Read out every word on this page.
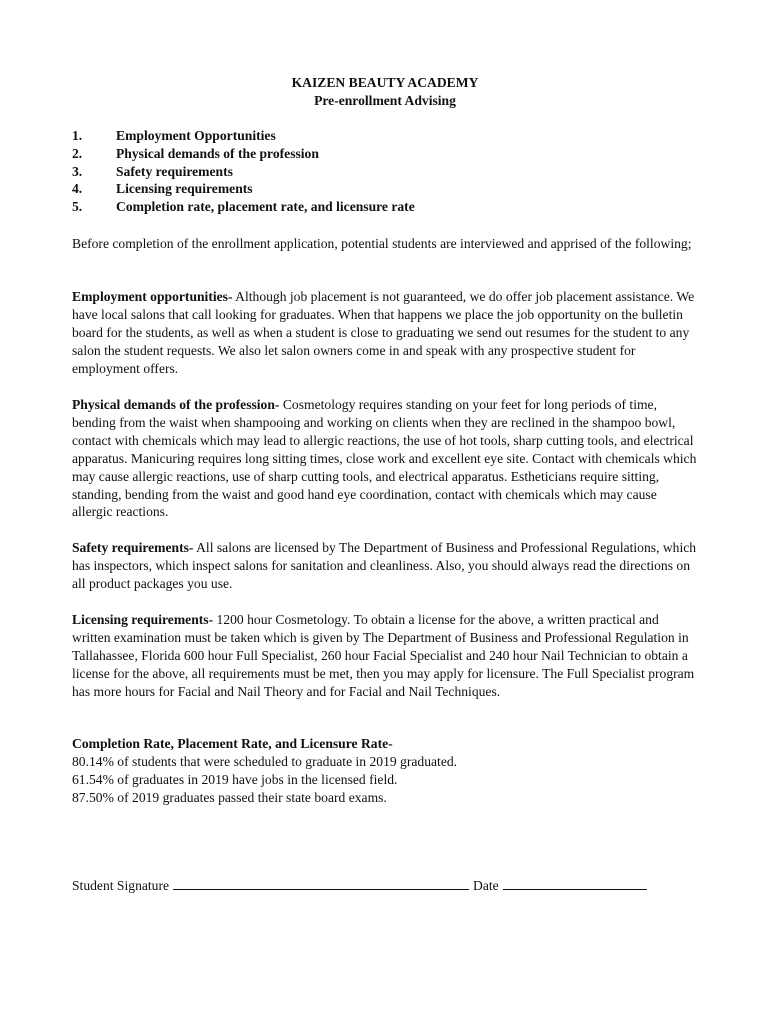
KAIZEN BEAUTY ACADEMY
Pre-enrollment Advising
1.	Employment Opportunities
2.	Physical demands of the profession
3.	Safety requirements
4.	Licensing requirements
5.	Completion rate, placement rate, and licensure rate

Before completion of the enrollment application, potential students are interviewed and apprised of the following;

Employment opportunities- Although job placement is not guaranteed, we do offer job placement assistance. We have local salons that call looking for graduates. When that happens we place the job opportunity on the bulletin board for the students, as well as when a student is close to graduating we send out resumes for the student to any salon the student requests. We also let salon owners come in and speak with any prospective student for employment offers.

Physical demands of the profession- Cosmetology requires standing on your feet for long periods of time, bending from the waist when shampooing and working on clients when they are reclined in the shampoo bowl, contact with chemicals which may lead to allergic reactions, the use of hot tools, sharp cutting tools, and electrical apparatus. Manicuring requires long sitting times, close work and excellent eye site. Contact with chemicals which may cause allergic reactions, use of sharp cutting tools, and electrical apparatus. Estheticians require sitting, standing, bending from the waist and good hand eye coordination, contact with chemicals which may cause allergic reactions.

Safety requirements- All salons are licensed by The Department of Business and Professional Regulations, which has inspectors, which inspect salons for sanitation and cleanliness. Also, you should always read the directions on all product packages you use.

Licensing requirements- 1200 hour Cosmetology. To obtain a license for the above, a written practical and written examination must be taken which is given by The Department of Business and Professional Regulation in Tallahassee, Florida 600 hour Full Specialist, 260 hour Facial Specialist and 240 hour Nail Technician to obtain a license for the above, all requirements must be met, then you may apply for licensure. The Full Specialist program has more hours for Facial and Nail Theory and for Facial and Nail Techniques.

Completion Rate, Placement Rate, and Licensure Rate-
80.14% of students that were scheduled to graduate in 2019 graduated.
61.54% of graduates in 2019 have jobs in the licensed field.
87.50% of 2019 graduates passed their state board exams.
Student Signature	Date
